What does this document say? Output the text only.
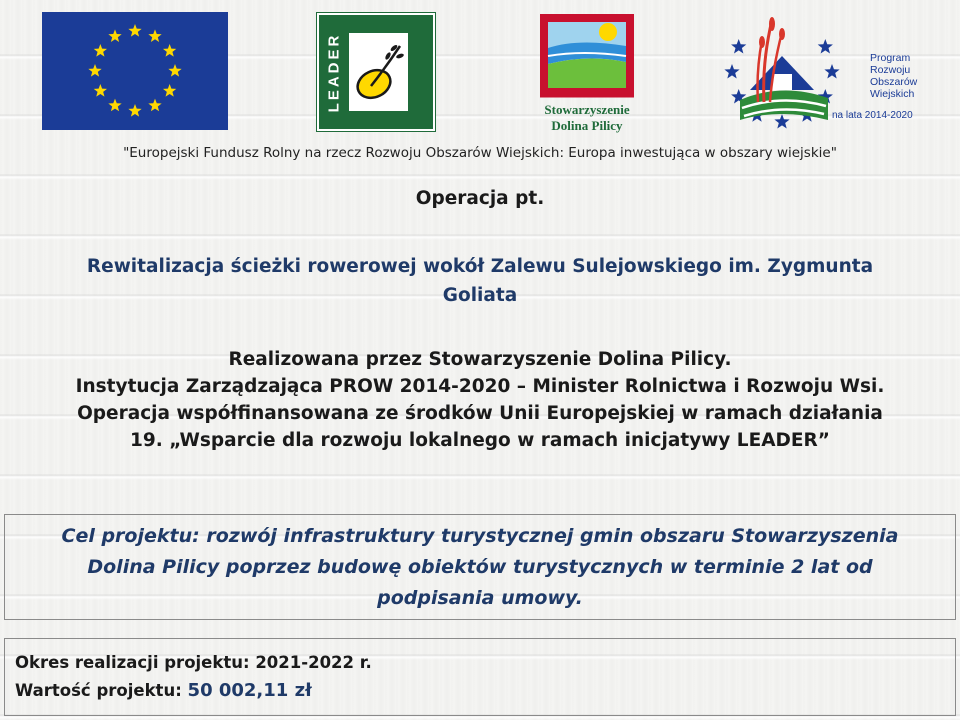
LEADER	Stowarzyszenie
Dolina Pilicy
Program
Rozwoju
Obszarów
Wiejskich
na lata 2014-2020
"Europejski Fundusz Rolny na rzecz Rozwoju Obszarów Wiejskich: Europa inwestująca w obszary wiejskie"
Operacja pt.
Rewitalizacja ścieżki rowerowej wokół Zalewu Sulejowskiego im. Zygmunta
Goliata
Realizowana przez Stowarzyszenie Dolina Pilicy.
Instytucja Zarządzająca PROW 2014-2020 – Minister Rolnictwa i Rozwoju Wsi.
Operacja współfinansowana ze środków Unii Europejskiej w ramach działania
19. „Wsparcie dla rozwoju lokalnego w ramach inicjatywy LEADER”
Cel projektu: rozwój infrastruktury turystycznej gmin obszaru Stowarzyszenia
Dolina Pilicy poprzez budowę obiektów turystycznych w terminie 2 lat od
podpisania umowy.
Okres realizacji projektu: 2021-2022 r.
Wartość projektu: 50 002,11 zł
